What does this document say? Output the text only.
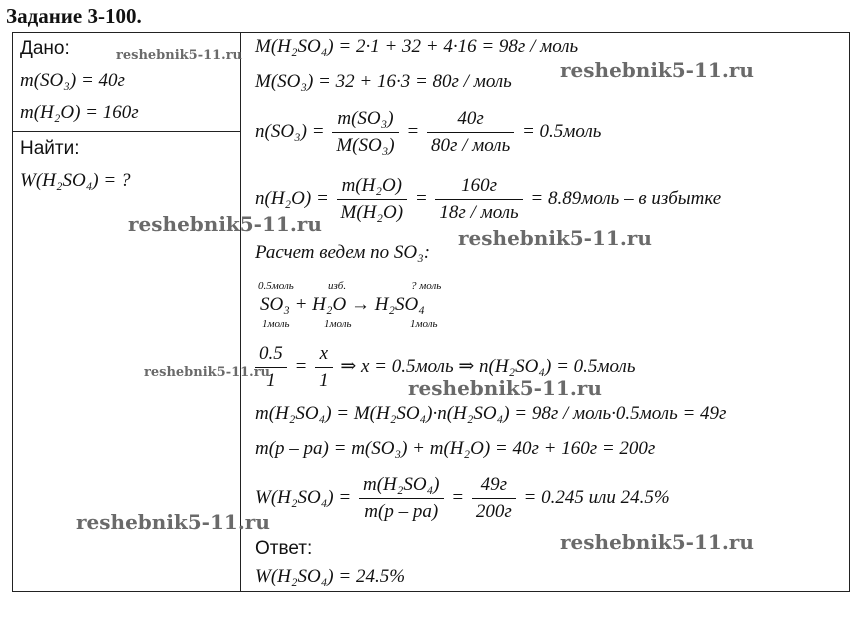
Задание 3-100.
Дано:
m(SO₃) = 40г
m(H₂O) = 160г
Найти:
W(H₂SO₄) = ?
M(H₂SO₄) = 2·1 + 32 + 4·16 = 98г / моль
M(SO₃) = 32 + 16·3 = 80г / моль
$n(SO_3) = \frac{\text{m(SO₃)}}{\text{M(SO₃)}} = \frac{40г}{\text{80г / моль}}$ = 0.5моль
$n(H_2O) = \frac{\text{m(H₂O)}}{\text{M(H₂O)}} = \frac{160г}{\text{18г / моль}}$ = 8.89моль – в избытке
Расчет ведем по SO₃:
0.5моль	изб.	? моль
SO₃ + H₂O → H₂SO₄
1моль	1моль	1моль
$\frac{0.5}{1} = \frac{x}{1}$ ⇒ x = 0.5моль ⇒ n(H₂SO₄) = 0.5моль
m(H₂SO₄) = M(H₂SO₄)·n(H₂SO₄) = 98г / моль·0.5моль = 49г
m(p – pa) = m(SO₃) + m(H₂O) = 40г + 160г = 200г
$W(H_2SO_4) = \frac{\text{m(H₂SO₄)}}{m(p - pa)} = \frac{49г}{200г} = 0.245$ или 24.5%
Ответ:
W(H₂SO₄) = 24.5%
reshebnik5-11.ru
reshebnik5-11.ru
reshebnik5-11.ru
reshebnik5-11.ru
reshebnik5-11.ru
reshebnik5-11.ru
reshebnik5-11.ru
reshebnik5-11.ru
